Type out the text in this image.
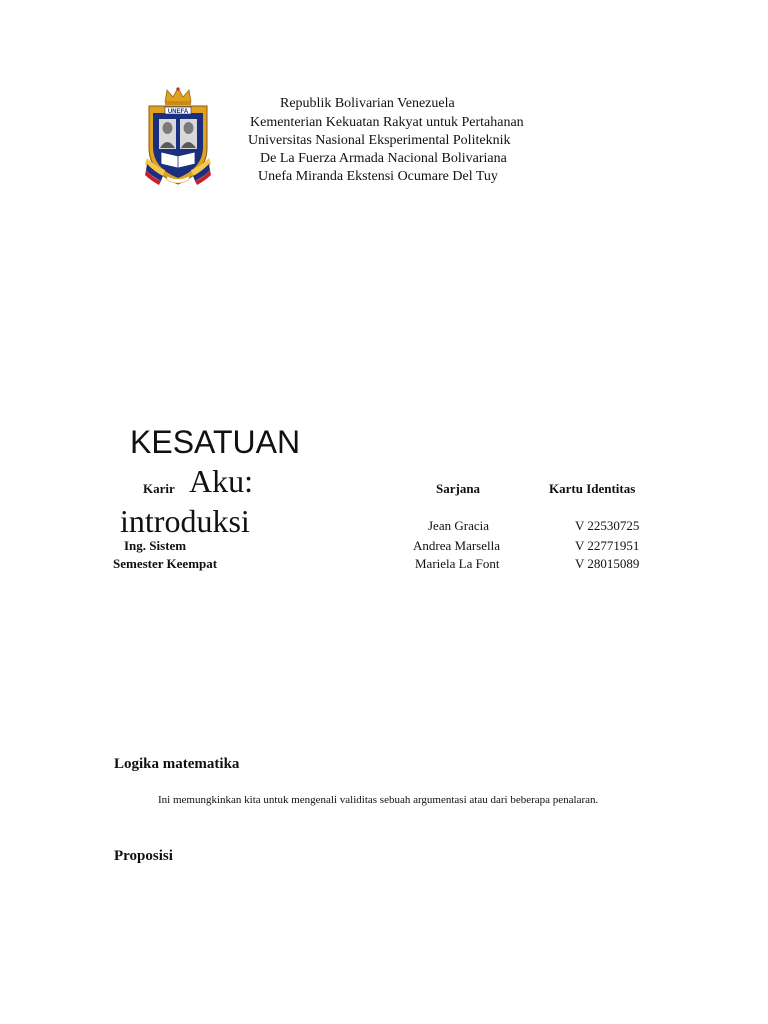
UNEFA
Republik Bolivarian Venezuela
Kementerian Kekuatan Rakyat untuk Pertahanan
Universitas Nasional Eksperimental Politeknik
De La Fuerza Armada Nacional Bolivariana
Unefa Miranda Ekstensi Ocumare Del Tuy
KESATUAN
Karir Aku:
introduksi
Ing. Sistem
Semester Keempat
Sarjana	Kartu Identitas
Jean Gracia	V 22530725
Andrea Marsella	V 22771951
Mariela La Font	V 28015089
Logika matematika
Ini memungkinkan kita untuk mengenali validitas sebuah argumentasi atau dari beberapa penalaran.
Proposisi
